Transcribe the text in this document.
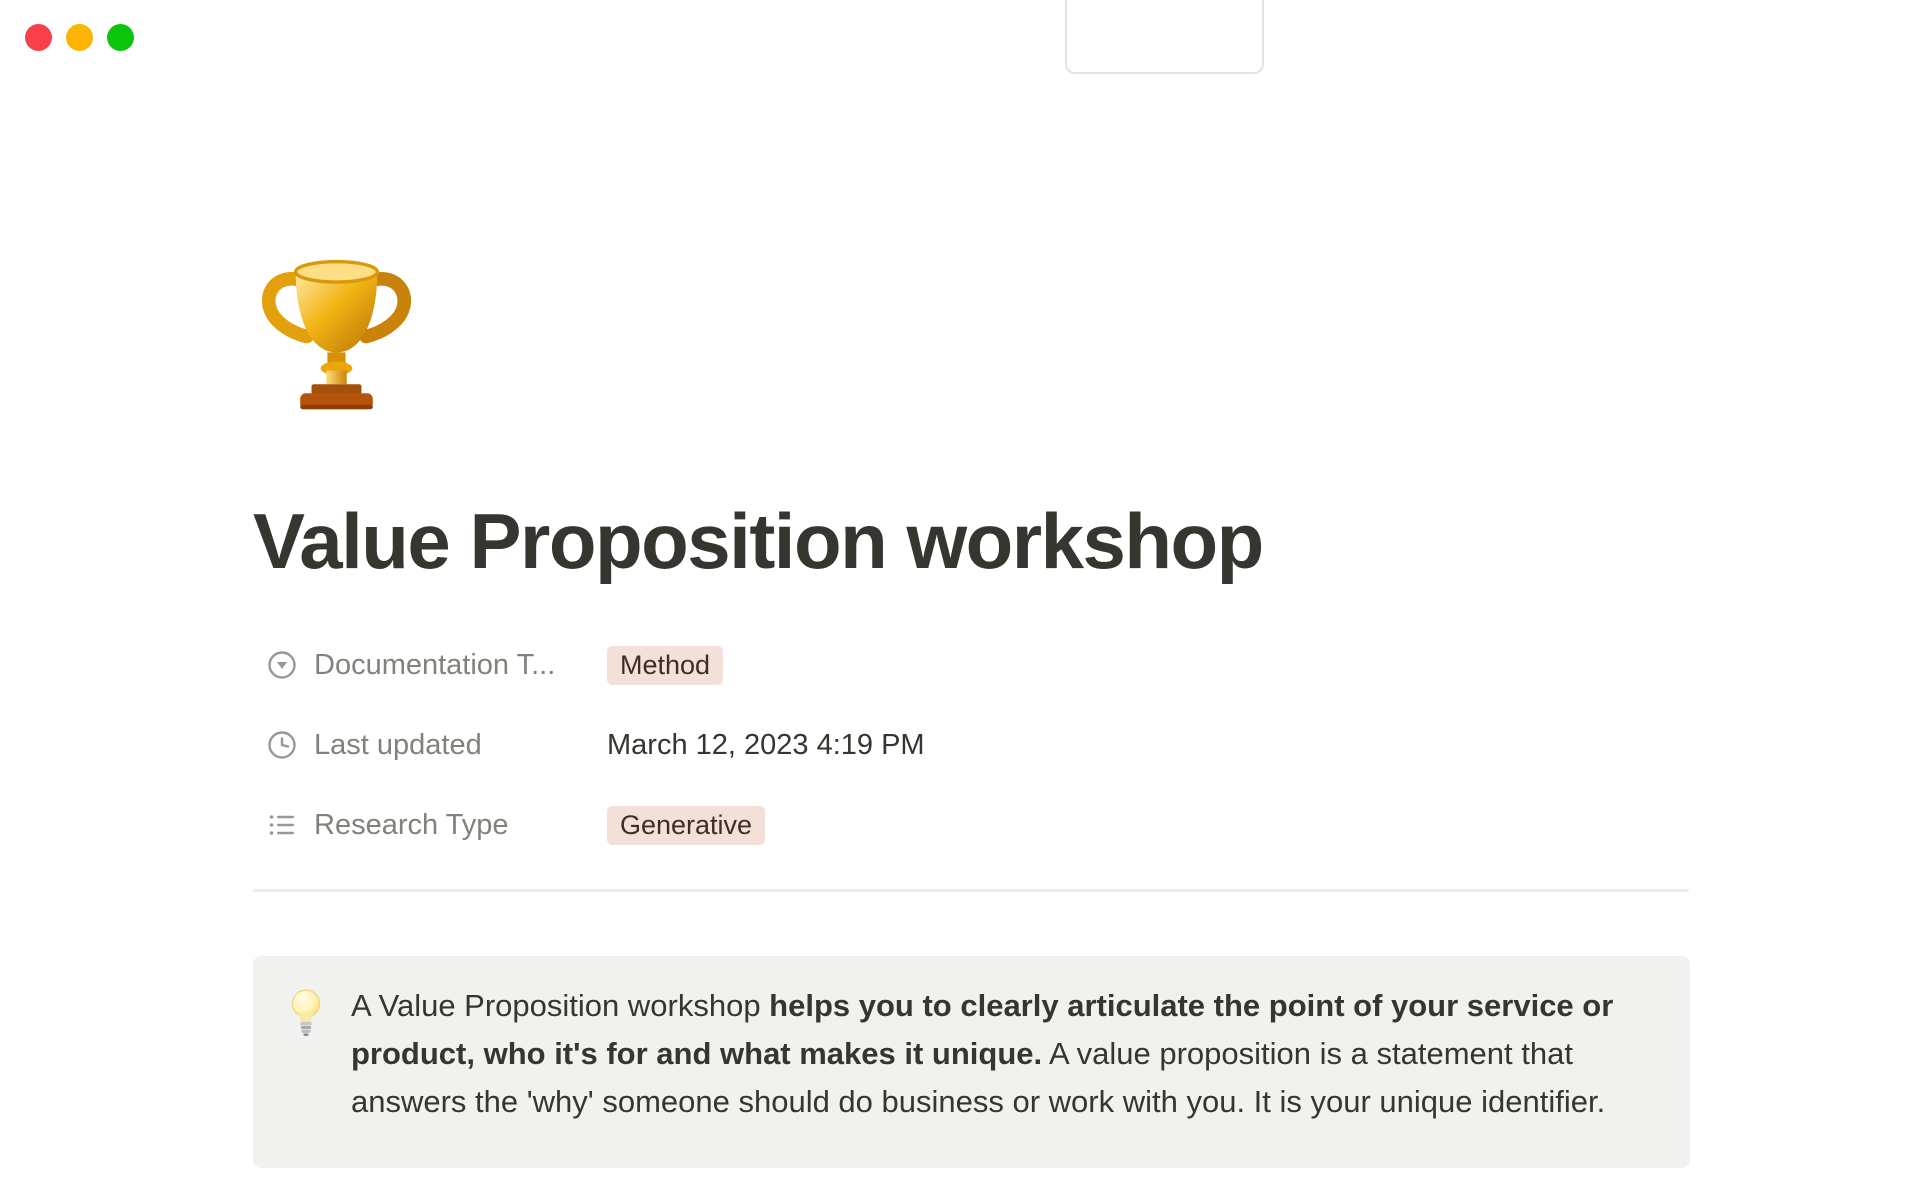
Value Proposition workshop
Documentation T...	Method
Last updated	March 12, 2023 4:19 PM
Research Type	Generative

A Value Proposition workshop helps you to clearly articulate the point of your service or product, who it's for and what makes it unique. A value proposition is a statement that answers the 'why' someone should do business or work with you. It is your unique identifier.
